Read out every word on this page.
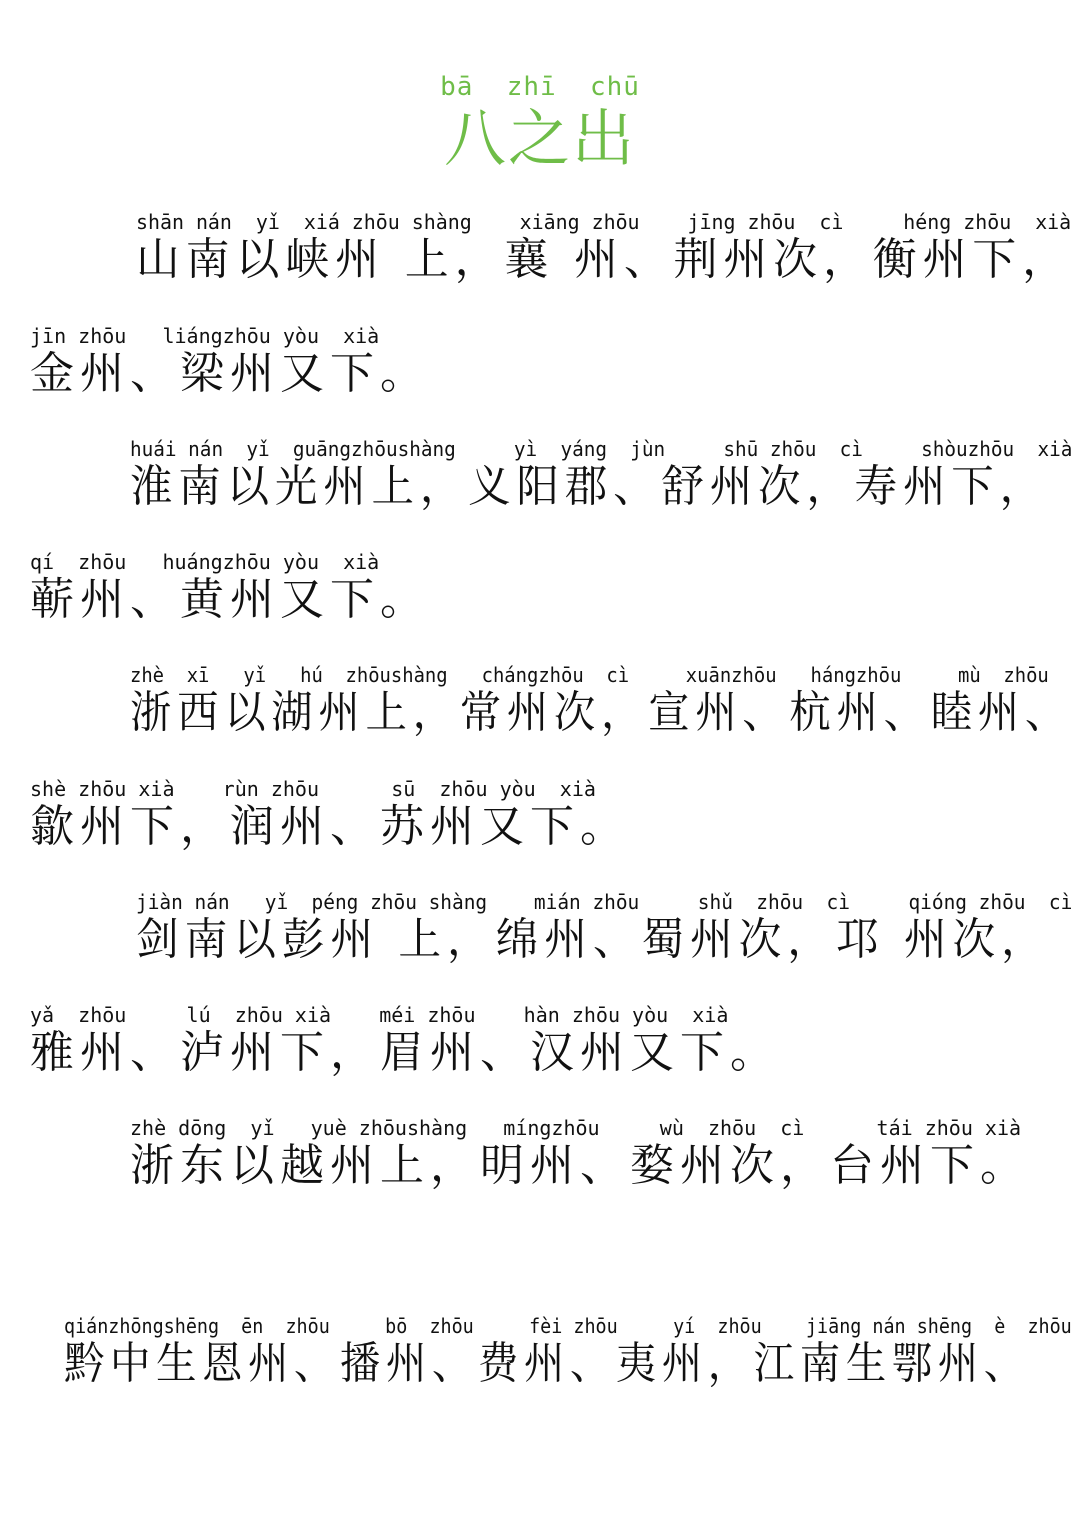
bā  zhī  chū
八之出
shān nán  yǐ  xiá zhōu shàng    xiāng zhōu    jīng zhōu  cì     héng zhōu  xià
山南以峡州 上，襄 州、荆州次，衡州下，
jīn zhōu   liángzhōu yòu  xià
金州、梁州又下。
huái nán  yǐ  guāngzhōushàng     yì  yáng  jùn     shū zhōu  cì     shòuzhōu  xià
淮南以光州上，义阳郡、舒州次，寿州下，
qí  zhōu   huángzhōu yòu  xià
蕲州、黄州又下。
zhè  xī   yǐ   hú  zhōushàng   chángzhōu  cì     xuānzhōu   hángzhōu     mù  zhōu
浙西以湖州上，常州次，宣州、杭州、睦州、
shè zhōu xià    rùn zhōu      sū  zhōu yòu  xià
歙州下，润州、苏州又下。
jiàn nán   yǐ  péng zhōu shàng    mián zhōu     shǔ  zhōu  cì     qióng zhōu  cì
剑南以彭州 上，绵州、蜀州次，邛 州次，
yǎ  zhōu     lú  zhōu xià    méi zhōu    hàn zhōu yòu  xià
雅州、泸州下，眉州、汉州又下。
zhè dōng  yǐ   yuè zhōushàng   míngzhōu     wù  zhōu  cì      tái zhōu xià
浙东以越州上，明州、婺州次，台州下。
qiánzhōngshēng  ēn  zhōu     bō  zhōu     fèi zhōu     yí  zhōu    jiāng nán shēng  è  zhōu
黔中生恩州、播州、费州、夷州，江南生鄂州、
